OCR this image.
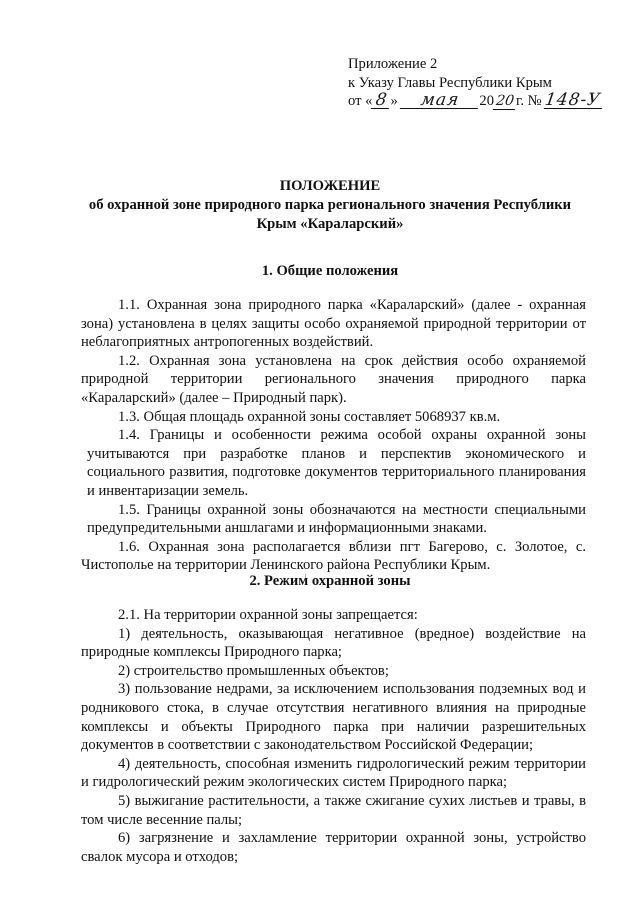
Приложение 2
к Указу Главы Республики Крым
от « 8 » мая 2020г. № 148-У
ПОЛОЖЕНИЕ
об охранной зоне природного парка регионального значения Республики
Крым «Караларский»
1. Общие положения

1.1. Охранная зона природного парка «Караларский» (далее - охранная зона) установлена в целях защиты особо охраняемой природной территории от неблагоприятных антропогенных воздействий.

1.2. Охранная зона установлена на срок действия особо охраняемой природной территории регионального значения природного парка «Караларский» (далее – Природный парк).

1.3. Общая площадь охранной зоны составляет 5068937 кв.м.

1.4. Границы и особенности режима особой охраны охранной зоны учитываются при разработке планов и перспектив экономического и социального развития, подготовке документов территориального планирования и инвентаризации земель.

1.5. Границы охранной зоны обозначаются на местности специальными предупредительными аншлагами и информационными знаками.

1.6. Охранная зона располагается вблизи пгт Багерово, с. Золотое, с. Чистополье на территории Ленинского района Республики Крым.

2. Режим охранной зоны

2.1. На территории охранной зоны запрещается:

1) деятельность, оказывающая негативное (вредное) воздействие на природные комплексы Природного парка;

2) строительство промышленных объектов;

3) пользование недрами, за исключением использования подземных вод и родникового стока, в случае отсутствия негативного влияния на природные комплексы и объекты Природного парка при наличии разрешительных документов в соответствии с законодательством Российской Федерации;

4) деятельность, способная изменить гидрологический режим территории и гидрологический режим экологических систем Природного парка;

5) выжигание растительности, а также сжигание сухих листьев и травы, в том числе весенние палы;

6) загрязнение и захламление территории охранной зоны, устройство свалок мусора и отходов;
